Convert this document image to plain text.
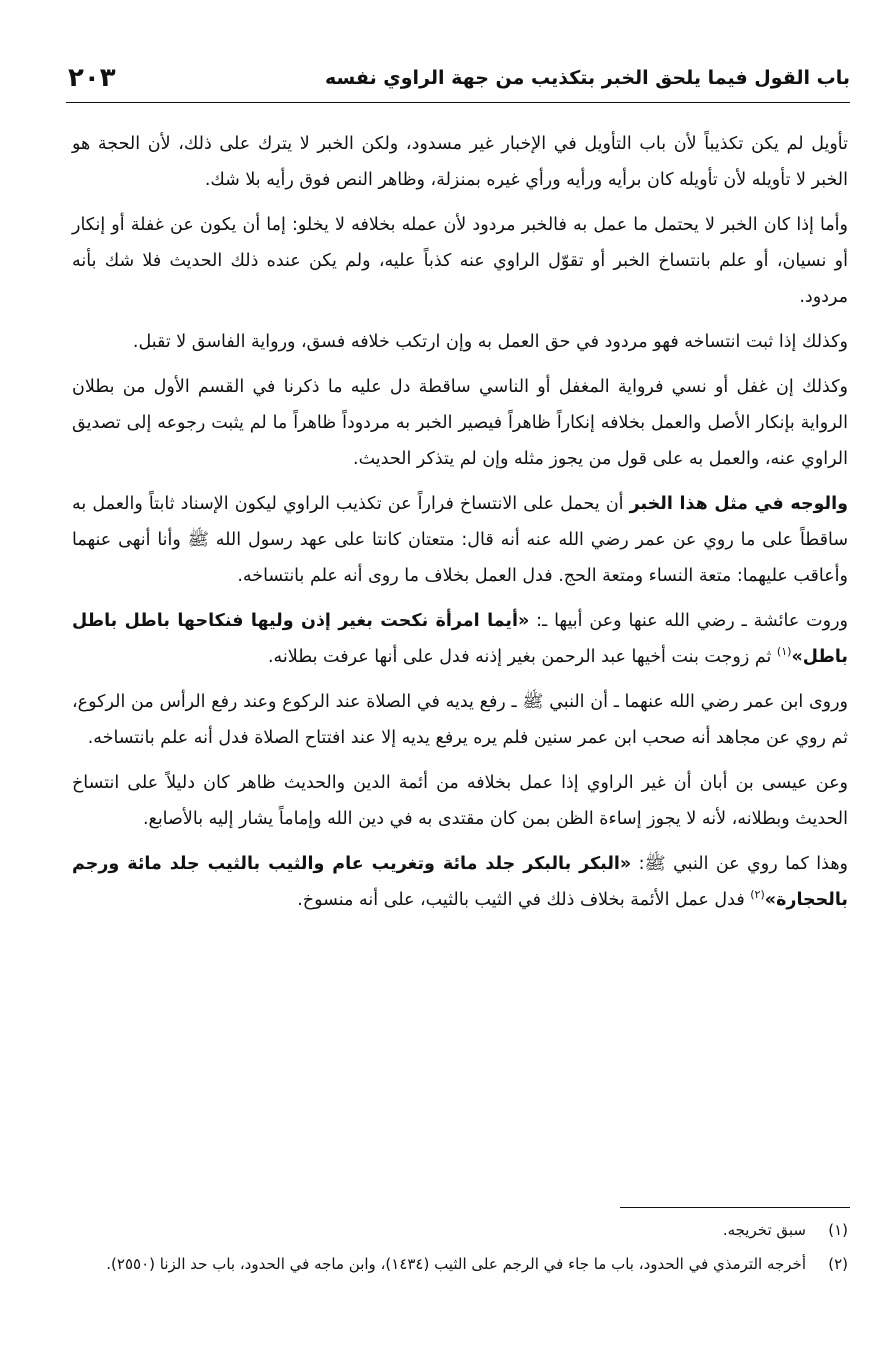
باب القول فيما يلحق الخبر بتكذيب من جهة الراوي نفسه
٢٠٣

تأويل لم يكن تكذيباً لأن باب التأويل في الإخبار غير مسدود، ولكن الخبر لا يترك على ذلك، لأن الحجة هو الخبر لا تأويله لأن تأويله كان برأيه ورأيه ورأي غيره بمنزلة، وظاهر النص فوق رأيه بلا شك.

وأما إذا كان الخبر لا يحتمل ما عمل به فالخبر مردود لأن عمله بخلافه لا يخلو: إما أن يكون عن غفلة أو إنكار أو نسيان، أو علم بانتساخ الخبر أو تقوّل الراوي عنه كذباً عليه، ولم يكن عنده ذلك الحديث فلا شك بأنه مردود.

وكذلك إذا ثبت انتساخه فهو مردود في حق العمل به وإن ارتكب خلافه فسق، ورواية الفاسق لا تقبل.

وكذلك إن غفل أو نسي فرواية المغفل أو الناسي ساقطة دل عليه ما ذكرنا في القسم الأول من بطلان الرواية بإنكار الأصل والعمل بخلافه إنكاراً ظاهراً فيصير الخبر به مردوداً ظاهراً ما لم يثبت رجوعه إلى تصديق الراوي عنه، والعمل به على قول من يجوز مثله وإن لم يتذكر الحديث.

والوجه في مثل هذا الخبر أن يحمل على الانتساخ فراراً عن تكذيب الراوي ليكون الإسناد ثابتاً والعمل به ساقطاً على ما روي عن عمر رضي الله عنه أنه قال: متعتان كانتا على عهد رسول الله ﷺ وأنا أنهى عنهما وأعاقب عليهما: متعة النساء ومتعة الحج. فدل العمل بخلاف ما روى أنه علم بانتساخه.

وروت عائشة ـ رضي الله عنها وعن أبيها ـ: «أيما امرأة نكحت بغير إذن وليها فنكاحها باطل باطل باطل»$^{(١)}$ ثم زوجت بنت أخيها عبد الرحمن بغير إذنه فدل على أنها عرفت بطلانه.

وروى ابن عمر رضي الله عنهما ـ أن النبي ﷺ ـ رفع يديه في الصلاة عند الركوع وعند رفع الرأس من الركوع، ثم روي عن مجاهد أنه صحب ابن عمر سنين فلم يره يرفع يديه إلا عند افتتاح الصلاة فدل أنه علم بانتساخه.

وعن عيسى بن أبان أن غير الراوي إذا عمل بخلافه من أئمة الدين والحديث ظاهر كان دليلاً على انتساخ الحديث وبطلانه، لأنه لا يجوز إساءة الظن بمن كان مقتدى به في دين الله وإماماً يشار إليه بالأصابع.

وهذا كما روي عن النبي ﷺ: «البكر بالبكر جلد مائة وتغريب عام والثيب بالثيب جلد مائة ورجم بالحجارة»$^{(٢)}$ فدل عمل الأئمة بخلاف ذلك في الثيب بالثيب، على أنه منسوخ.

(١)
سبق تخريجه.
(٢)
أخرجه الترمذي في الحدود، باب ما جاء في الرجم على الثيب (١٤٣٤)، وابن ماجه في الحدود، باب حد الزنا (٢٥٥٠).
